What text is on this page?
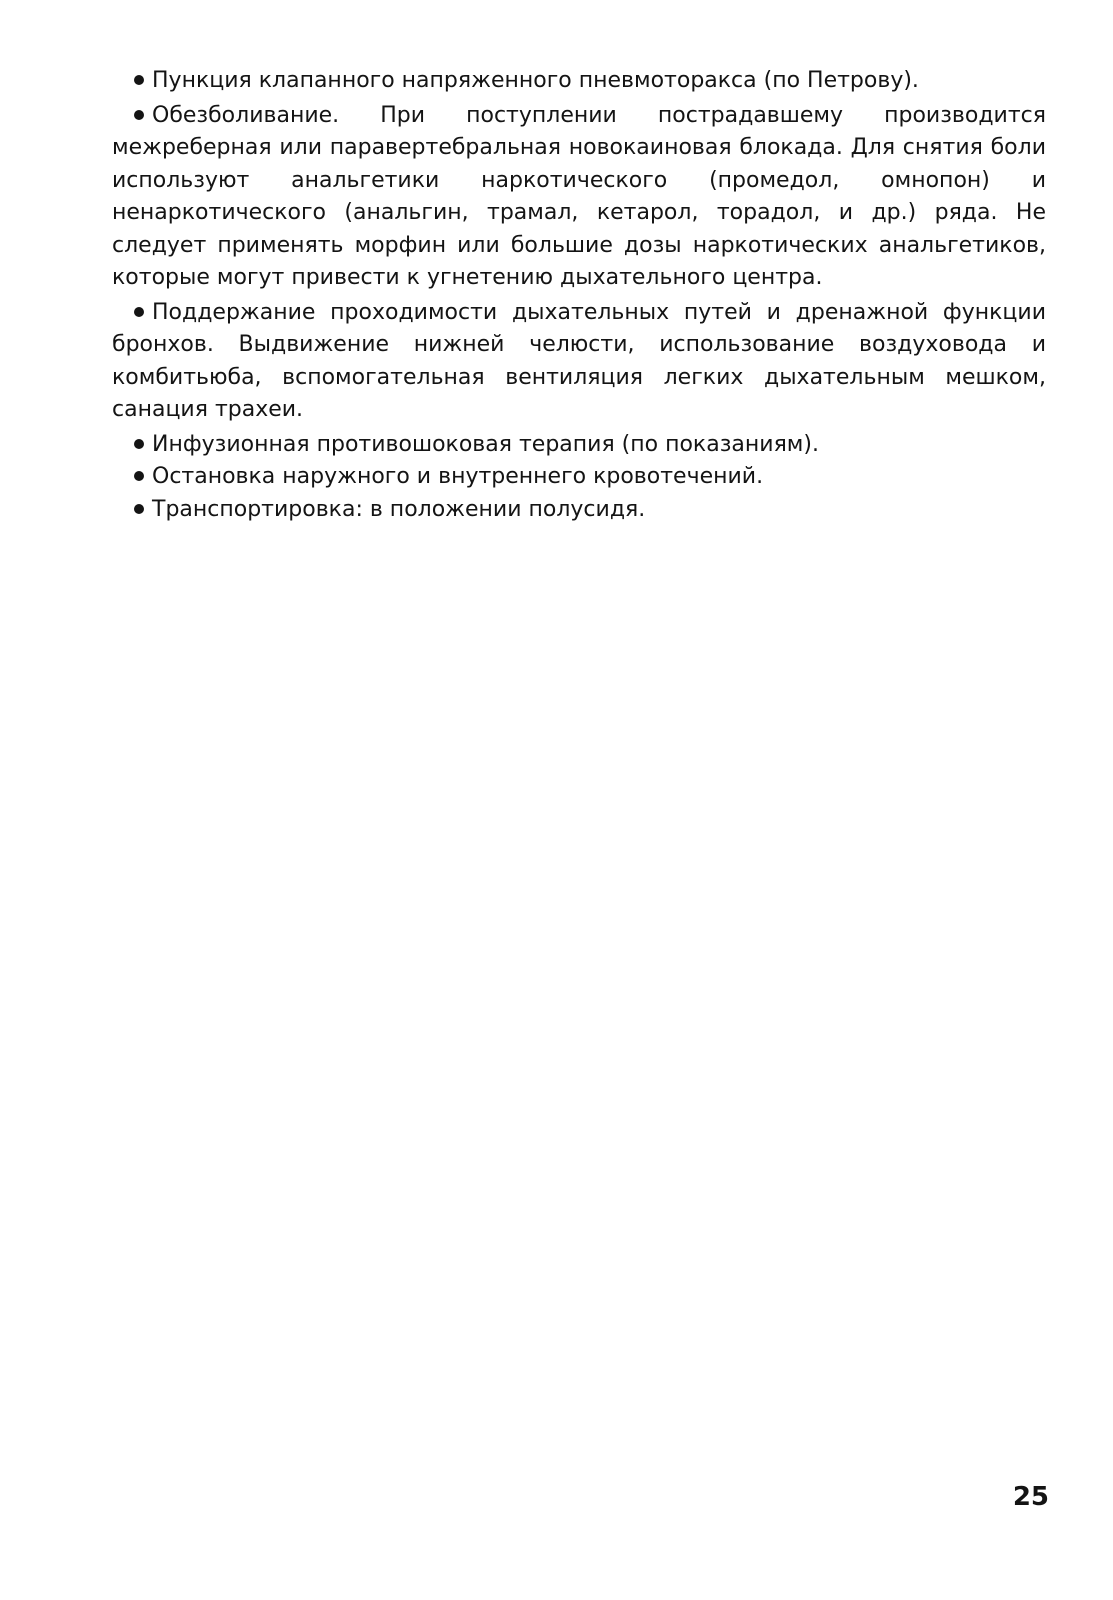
Пункция клапанного напряженного пневмоторакса (по Петрову).

Обезболивание. При поступлении пострадавшему производится межреберная или паравертебральная новокаиновая блокада. Для снятия боли используют анальгетики наркотического (промедол, омнопон) и ненаркотического (анальгин, трамал, кетарол, торадол, и др.) ряда. Не следует применять морфин или большие дозы наркотических анальгетиков, которые могут привести к угнетению дыхательного центра.

Поддержание проходимости дыхательных путей и дренажной функции бронхов. Выдвижение нижней челюсти, использование воздуховода и комбитьюба, вспомогательная вентиляция легких дыхательным мешком, санация трахеи.

Инфузионная противошоковая терапия (по показаниям).

Остановка наружного и внутреннего кровотечений.

Транспортировка: в положении полусидя.

25
